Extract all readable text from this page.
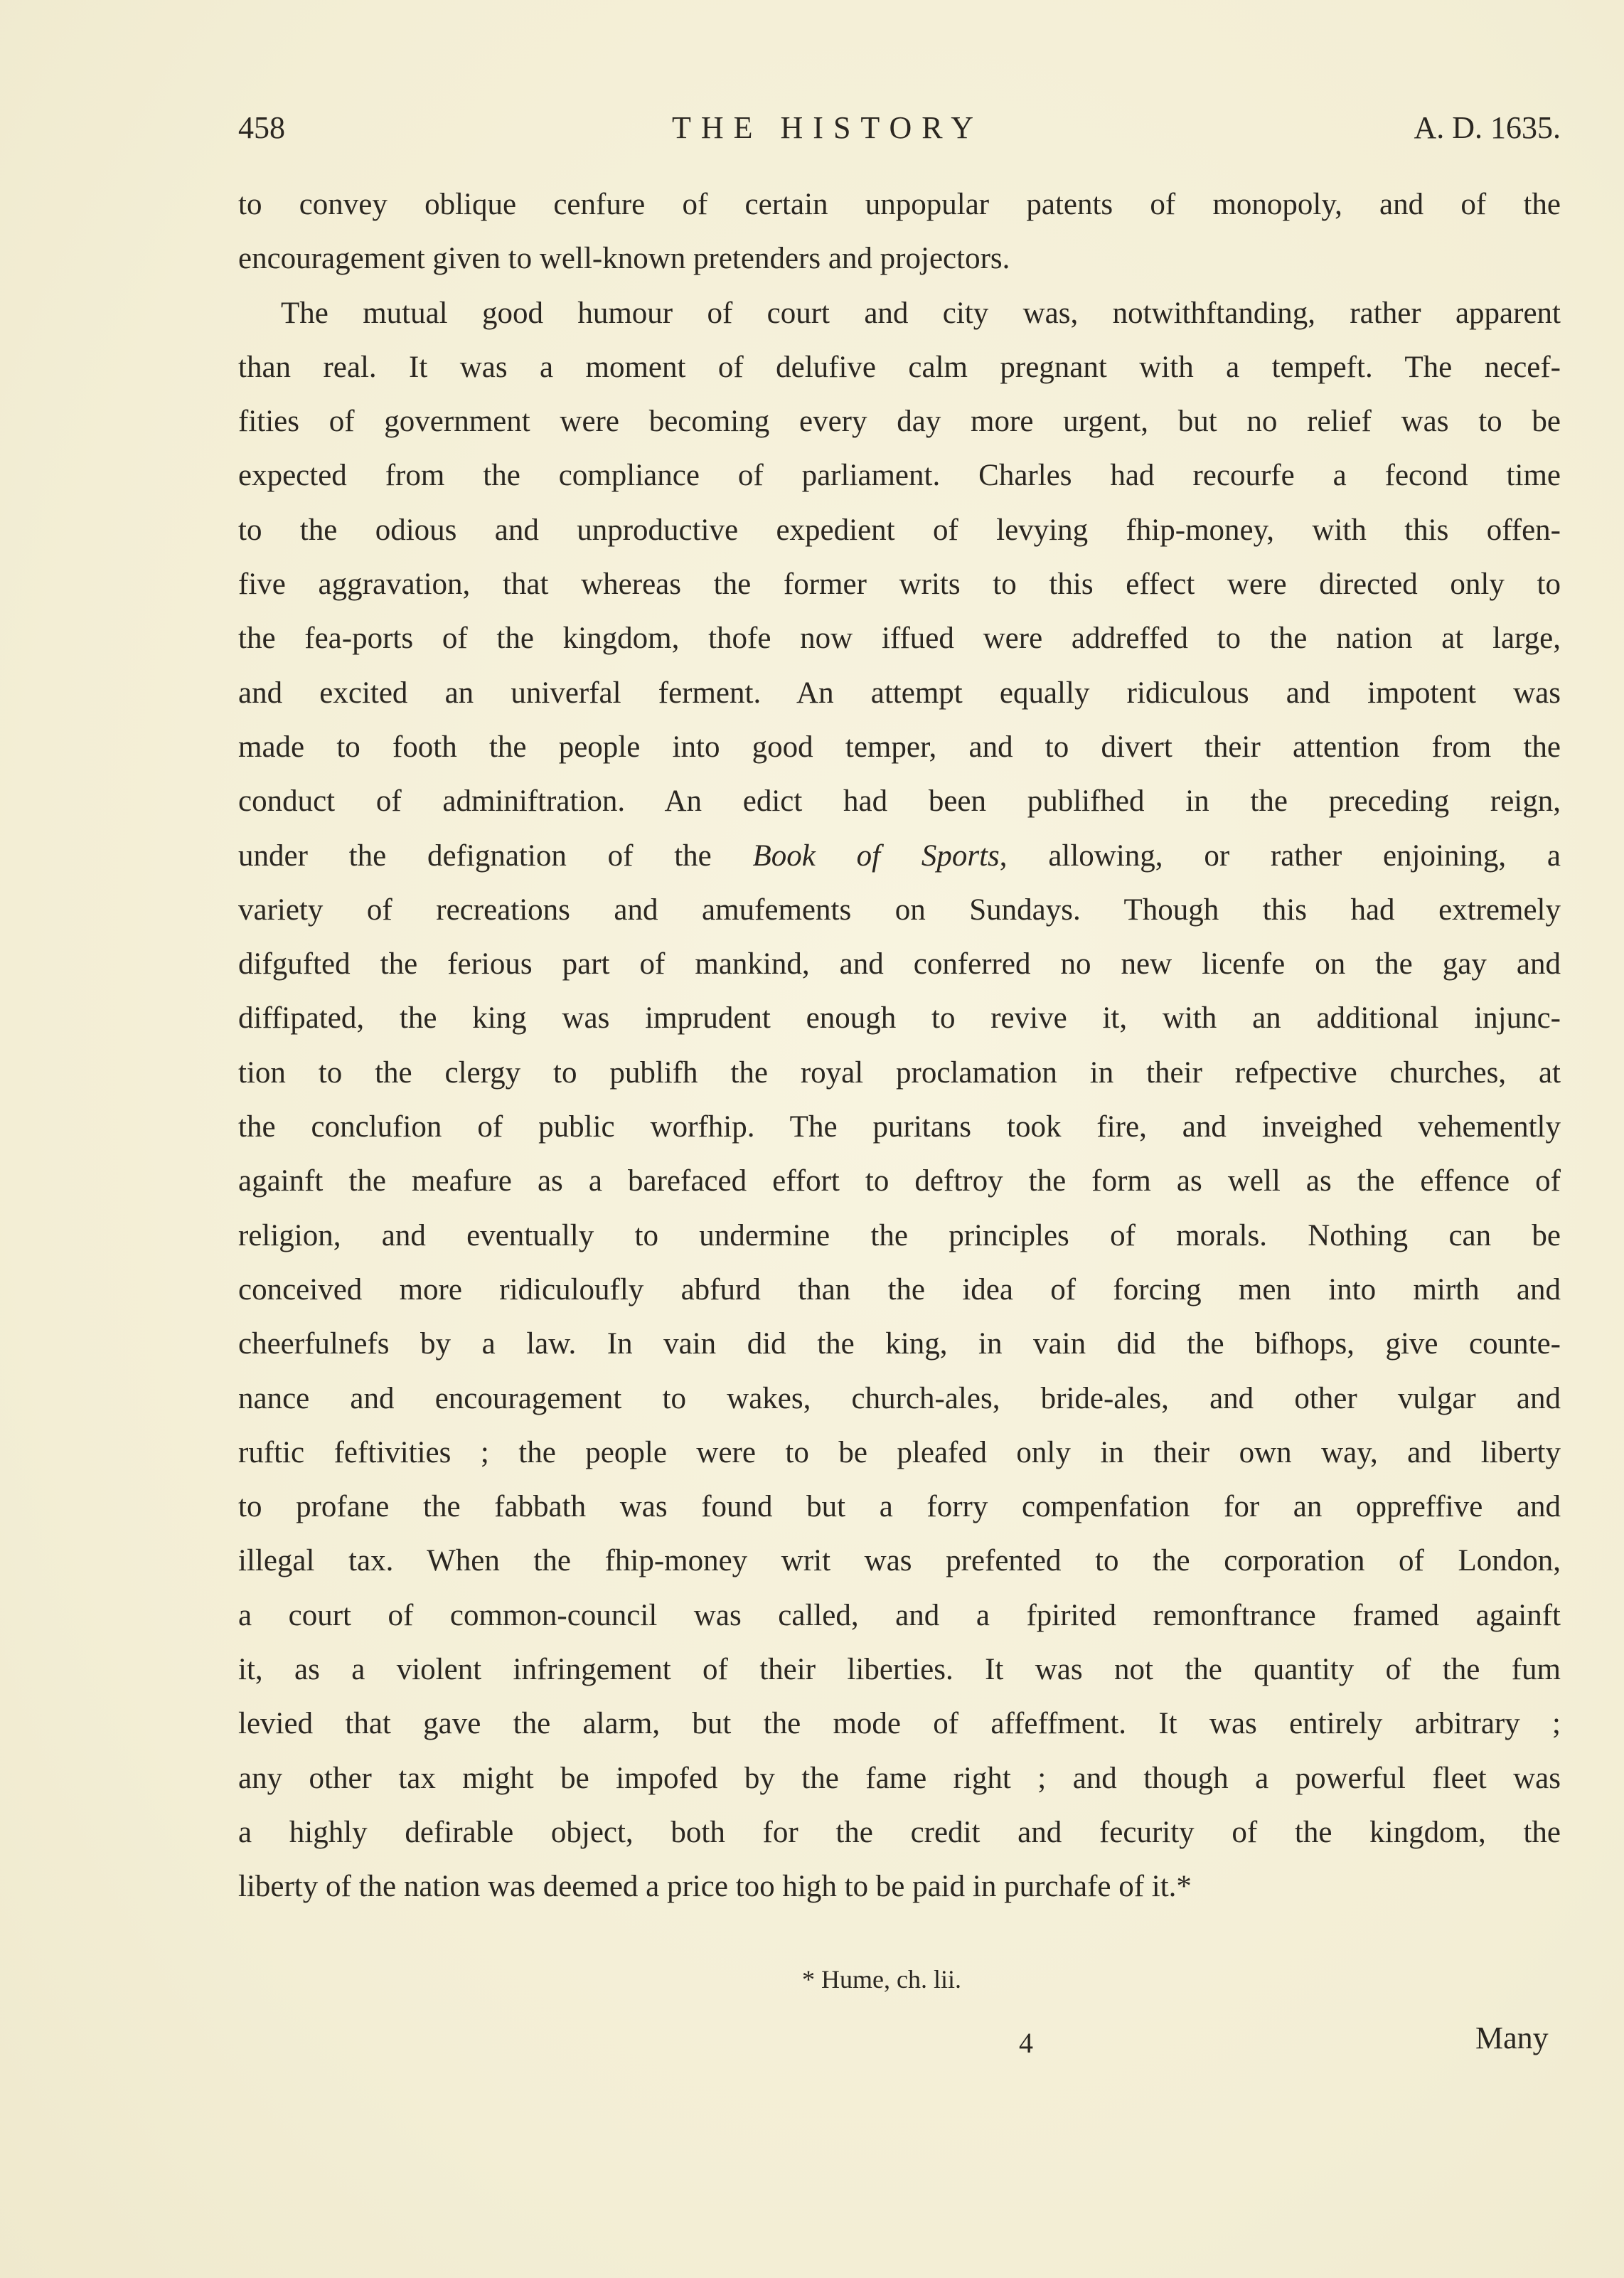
458	THE HISTORY	A. D. 1635.
to convey oblique cenfure of certain unpopular patents of monopoly, and of the
encouragement given to well-known pretenders and projectors.
The mutual good humour of court and city was, notwithftanding, rather apparent
than real. It was a moment of delufive calm pregnant with a tempeft. The necef-
fities of government were becoming every day more urgent, but no relief was to be
expected from the compliance of parliament. Charles had recourfe a fecond time
to the odious and unproductive expedient of levying fhip-money, with this offen-
five aggravation, that whereas the former writs to this effect were directed only to
the fea-ports of the kingdom, thofe now iffued were addreffed to the nation at large,
and excited an univerfal ferment. An attempt equally ridiculous and impotent was
made to footh the people into good temper, and to divert their attention from the
conduct of adminiftration. An edict had been publifhed in the preceding reign,
under the defignation of the Book of Sports, allowing, or rather enjoining, a
variety of recreations and amufements on Sundays. Though this had extremely
difgufted the ferious part of mankind, and conferred no new licenfe on the gay and
diffipated, the king was imprudent enough to revive it, with an additional injunc-
tion to the clergy to publifh the royal proclamation in their refpective churches, at
the conclufion of public worfhip. The puritans took fire, and inveighed vehemently
againft the meafure as a barefaced effort to deftroy the form as well as the effence of
religion, and eventually to undermine the principles of morals. Nothing can be
conceived more ridiculoufly abfurd than the idea of forcing men into mirth and
cheerfulnefs by a law. In vain did the king, in vain did the bifhops, give counte-
nance and encouragement to wakes, church-ales, bride-ales, and other vulgar and
ruftic feftivities ; the people were to be pleafed only in their own way, and liberty
to profane the fabbath was found but a forry compenfation for an oppreffive and
illegal tax. When the fhip-money writ was prefented to the corporation of London,
a court of common-council was called, and a fpirited remonftrance framed againft
it, as a violent infringement of their liberties. It was not the quantity of the fum
levied that gave the alarm, but the mode of affeffment. It was entirely arbitrary ;
any other tax might be impofed by the fame right ; and though a powerful fleet was
a highly defirable object, both for the credit and fecurity of the kingdom, the
liberty of the nation was deemed a price too high to be paid in purchafe of it.*
* Hume, ch. lii.
4	Many
